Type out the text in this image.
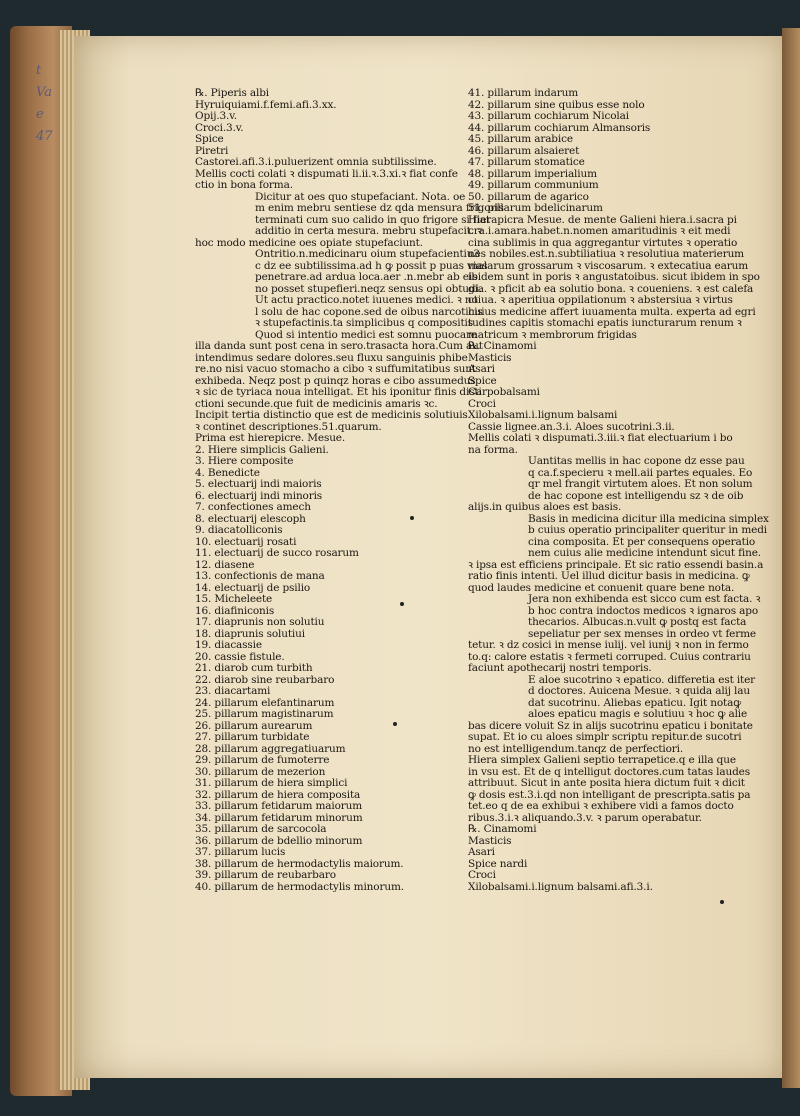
t
Va
e
47
℞. Piperis albi
Hyruiquiami.f.femi.afi.3.xx.
Opij.3.v.
Croci.3.v.
Spice
Piretri
Castorei.afi.3.i.puluerizent omnia subtilissime.
Mellis cocti colati ꝛ dispumati li.ii.ꝛ.3.xi.ꝛ fiat confe
ctio in bona forma.
Dicitur at oes quo stupefaciant. Nota. oe
m enim mebru sentiese dz qda mensura frigoris
terminati cum suo calido in quo frigore si fiat
additio in certa mesura. mebru stupefacit. ꝛ
hoc modo medicine oes opiate stupefaciunt.
Ontritio.n.medicinaru oium stupefacientiu3
c dz ee subtilissima.ad h ꝙ possit p puas vias
penetrare.ad ardua loca.aer .n.mebr ab eis
no posset stupefieri.neqz sensus opi obtudi.
Ut actu practico.notet iuuenes medici. ꝛ no
l solu de hac copone.sed de oibus narcoticis
ꝛ stupefactinis.ta simplicibus q compositis
Quod si intentio medici est somnu puocare
illa danda sunt post cena in sero.trasacta hora.Cum aut
intendimus sedare dolores.seu fluxu sanguinis phibe
re.no nisi vacuo stomacho a cibo ꝛ suffumitatibus sunt
exhibeda. Neqz post p quinqz horas e cibo assumedus
ꝛ sic de tyriaca noua intelligat. Et his iponitur finis disti
ctioni secunde.que fuit de medicinis amaris ꝛc.
Incipit tertia distinctio que est de medicinis solutiuis
ꝛ continet descriptiones.51.quarum.
Prima est hierepicre. Mesue.
2. Hiere simplicis Galieni.
3. Hiere composite
4. Benedicte
5. electuarij indi maioris
6. electuarij indi minoris
7. confectiones amech
8. electuarij elescoph
9. diacatolliconis
10. electuarij rosati
11. electuarij de succo rosarum
12. diasene
13. confectionis de mana
14. electuarij de psilio
15. Micheleete
16. diafiniconis
17. diaprunis non solutiu
18. diaprunis solutiui
19. diacassie
20. cassie fistule.
21. diarob cum turbith
22. diarob sine reubarbaro
23. diacartami
24. pillarum elefantinarum
25. pillarum magistinarum
26. pillarum aurearum
27. pillarum turbidate
28. pillarum aggregatiuarum
29. pillarum de fumoterre
30. pillarum de mezerion
31. pillarum de hiera simplici
32. pillarum de hiera composita
33. pillarum fetidarum maiorum
34. pillarum fetidarum minorum
35. pillarum de sarcocola
36. pillarum de bdellio minorum
37. pillarum lucis
38. pillarum de hermodactylis maiorum.
39. pillarum de reubarbaro
40. pillarum de hermodactylis minorum.
41. pillarum indarum
42. pillarum sine quibus esse nolo
43. pillarum cochiarum Nicolai
44. pillarum cochiarum Almansoris
45. pillarum arabice
46. pillarum alsaieret
47. pillarum stomatice
48. pillarum imperialium
49. pillarum communium
50. pillarum de agarico
51. pillarum bdelicinarum
Hierapicra Mesue. de mente Galieni hiera.i.sacra pi
cra.i.amara.habet.n.nomen amaritudinis ꝛ eit medi
cina sublimis in qua aggregantur virtutes ꝛ operatio
nes nobiles.est.n.subtiliatiua ꝛ resolutiua materierum
malarum grossarum ꝛ viscosarum. ꝛ extecatiua earum
ibidem sunt in poris ꝛ angustatoibus. sicut ibidem in spo
gia. ꝛ pficit ab ea solutio bona. ꝛ coueniens. ꝛ est calefa
ctiua. ꝛ aperitiua oppilationum ꝛ abstersiua ꝛ virtus
huius medicine affert iuuamenta multa. experta ad egri
tudines capitis stomachi epatis iuncturarum renum ꝛ
matricum ꝛ membrorum frigidas
℞. Cinamomi
Masticis
Asari
Spice
Carpobalsami
Croci
Xilobalsami.i.lignum balsami
Cassie lignee.an.3.i. Aloes sucotrini.3.ii.
Mellis colati ꝛ dispumati.3.iii.ꝛ fiat electuarium i bo
na forma.
Uantitas mellis in hac copone dz esse pau
q ca.f.specieru ꝛ mell.aii partes equales. Eo
qr mel frangit virtutem aloes. Et non solum
de hac copone est intelligendu sz ꝛ de oib
alijs.in quibus aloes est basis.
Basis in medicina dicitur illa medicina simplex
b cuius operatio principaliter queritur in medi
cina composita. Et per consequens operatio
nem cuius alie medicine intendunt sicut fine.
ꝛ ipsa est efficiens principale. Et sic ratio essendi basin.a
ratio finis intenti. Uel illud dicitur basis in medicina. ꝙ
quod laudes medicine et conuenit quare bene nota.
Jera non exhibenda est sicco cum est facta. ꝛ
b hoc contra indoctos medicos ꝛ ignaros apo
thecarios. Albucas.n.vult ꝙ postq est facta
sepeliatur per sex menses in ordeo vt ferme
tetur. ꝛ dz cosici in mense iulij. vel iunij ꝛ non in fermo
to.q: calore estatis ꝛ fermeti corruped. Cuius contrariu
faciunt apothecarij nostri temporis.
E aloe sucotrino ꝛ epatico. differetia est iter
d doctores. Auicena Mesue. ꝛ quida alij lau
dat sucotrinu. Aliebas epaticu. Igit notaꝙ
aloes epaticu magis e solutiuu ꝛ hoc ꝙ alie
bas dicere voluit Sz in alijs sucotrinu epaticu i bonitate
supat. Et io cu aloes simplr scriptu repitur.de sucotri
no est intelligendum.tanqz de perfectiori.
Hiera simplex Galieni septio terrapetice.q e illa que
in vsu est. Et de q intelligut doctores.cum tatas laudes
attribuut. Sicut in ante posita hiera dictum fuit ꝛ dicit
ꝙ dosis est.3.i.qd non intelligant de prescripta.satis pa
tet.eo q de ea exhibui ꝛ exhibere vidi a famos docto
ribus.3.i.ꝛ aliquando.3.v. ꝛ parum operabatur.
℞. Cinamomi
Masticis
Asari
Spice nardi
Croci
Xilobalsami.i.lignum balsami.afi.3.i.
